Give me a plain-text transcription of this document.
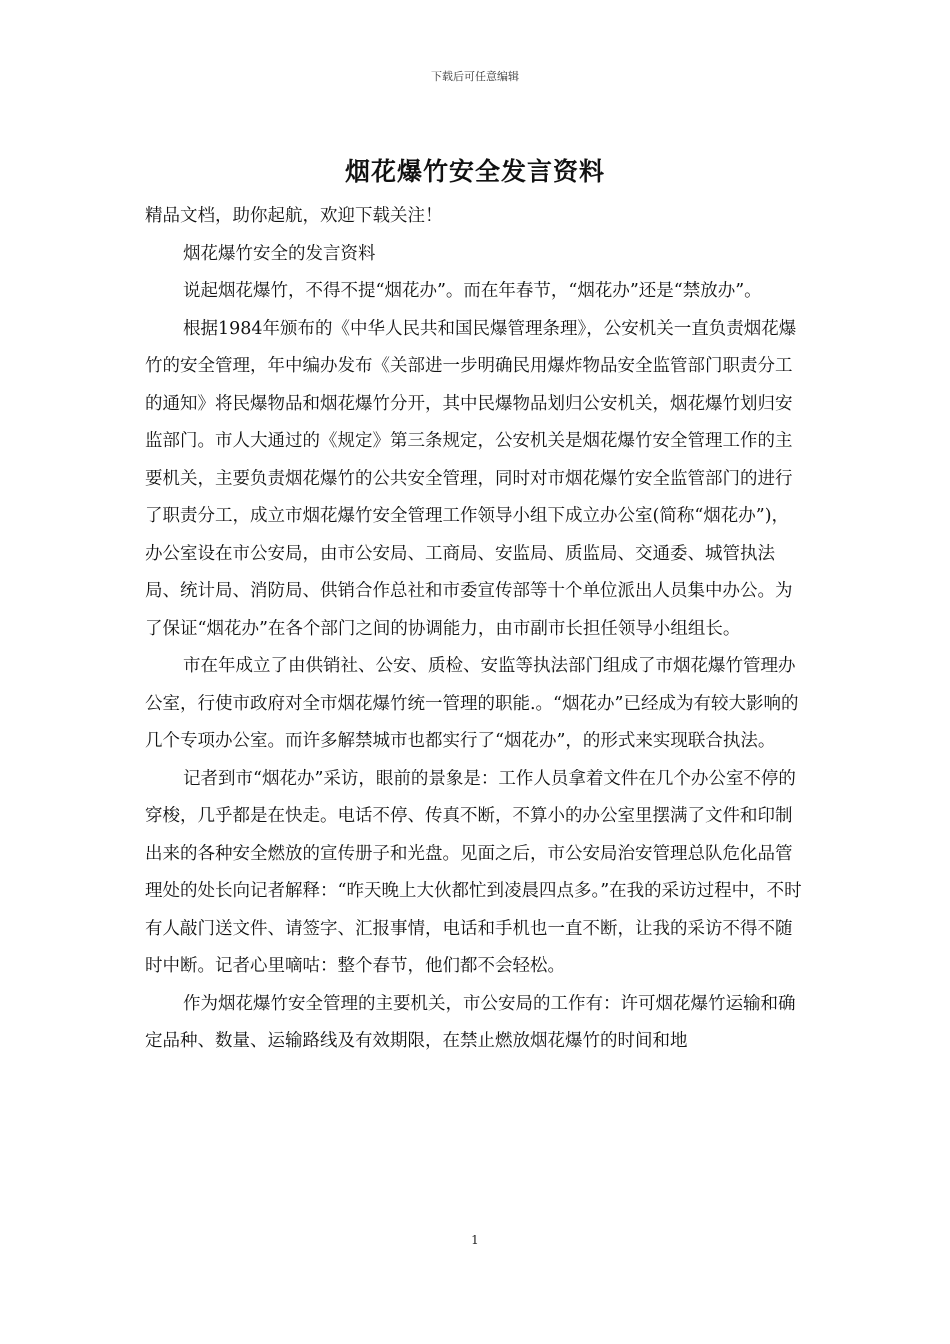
下载后可任意编辑
烟花爆竹安全发言资料

精品文档，助你起航，欢迎下载关注！

烟花爆竹安全的发言资料

说起烟花爆竹，不得不提“烟花办”。而在年春节，“烟花办”还是“禁放办”。

根据1984年颁布的《中华人民共和国民爆管理条理》，公安机关一直负责烟花爆竹的安全管理，年中编办发布《关部进一步明确民用爆炸物品安全监管部门职责分工的通知》将民爆物品和烟花爆竹分开，其中民爆物品划归公安机关，烟花爆竹划归安监部门。市人大通过的《规定》第三条规定，公安机关是烟花爆竹安全管理工作的主要机关，主要负责烟花爆竹的公共安全管理，同时对市烟花爆竹安全监管部门的进行了职责分工，成立市烟花爆竹安全管理工作领导小组下成立办公室(简称“烟花办”)，办公室设在市公安局，由市公安局、工商局、安监局、质监局、交通委、城管执法局、统计局、消防局、供销合作总社和市委宣传部等十个单位派出人员集中办公。为了保证“烟花办”在各个部门之间的协调能力，由市副市长担任领导小组组长。

市在年成立了由供销社、公安、质检、安监等执法部门组成了市烟花爆竹管理办公室，行使市政府对全市烟花爆竹统一管理的职能.。“烟花办”已经成为有较大影响的几个专项办公室。而许多解禁城市也都实行了“烟花办”，的形式来实现联合执法。

记者到市“烟花办”采访，眼前的景象是：工作人员拿着文件在几个办公室不停的穿梭，几乎都是在快走。电话不停、传真不断，不算小的办公室里摆满了文件和印制出来的各种安全燃放的宣传册子和光盘。见面之后，市公安局治安管理总队危化品管理处的处长向记者解释：“昨天晚上大伙都忙到凌晨四点多。”在我的采访过程中，不时有人敲门送文件、请签字、汇报事情，电话和手机也一直不断，让我的采访不得不随时中断。记者心里嘀咕：整个春节，他们都不会轻松。

作为烟花爆竹安全管理的主要机关，市公安局的工作有：许可烟花爆竹运输和确定品种、数量、运输路线及有效期限，在禁止燃放烟花爆竹的时间和地

1
